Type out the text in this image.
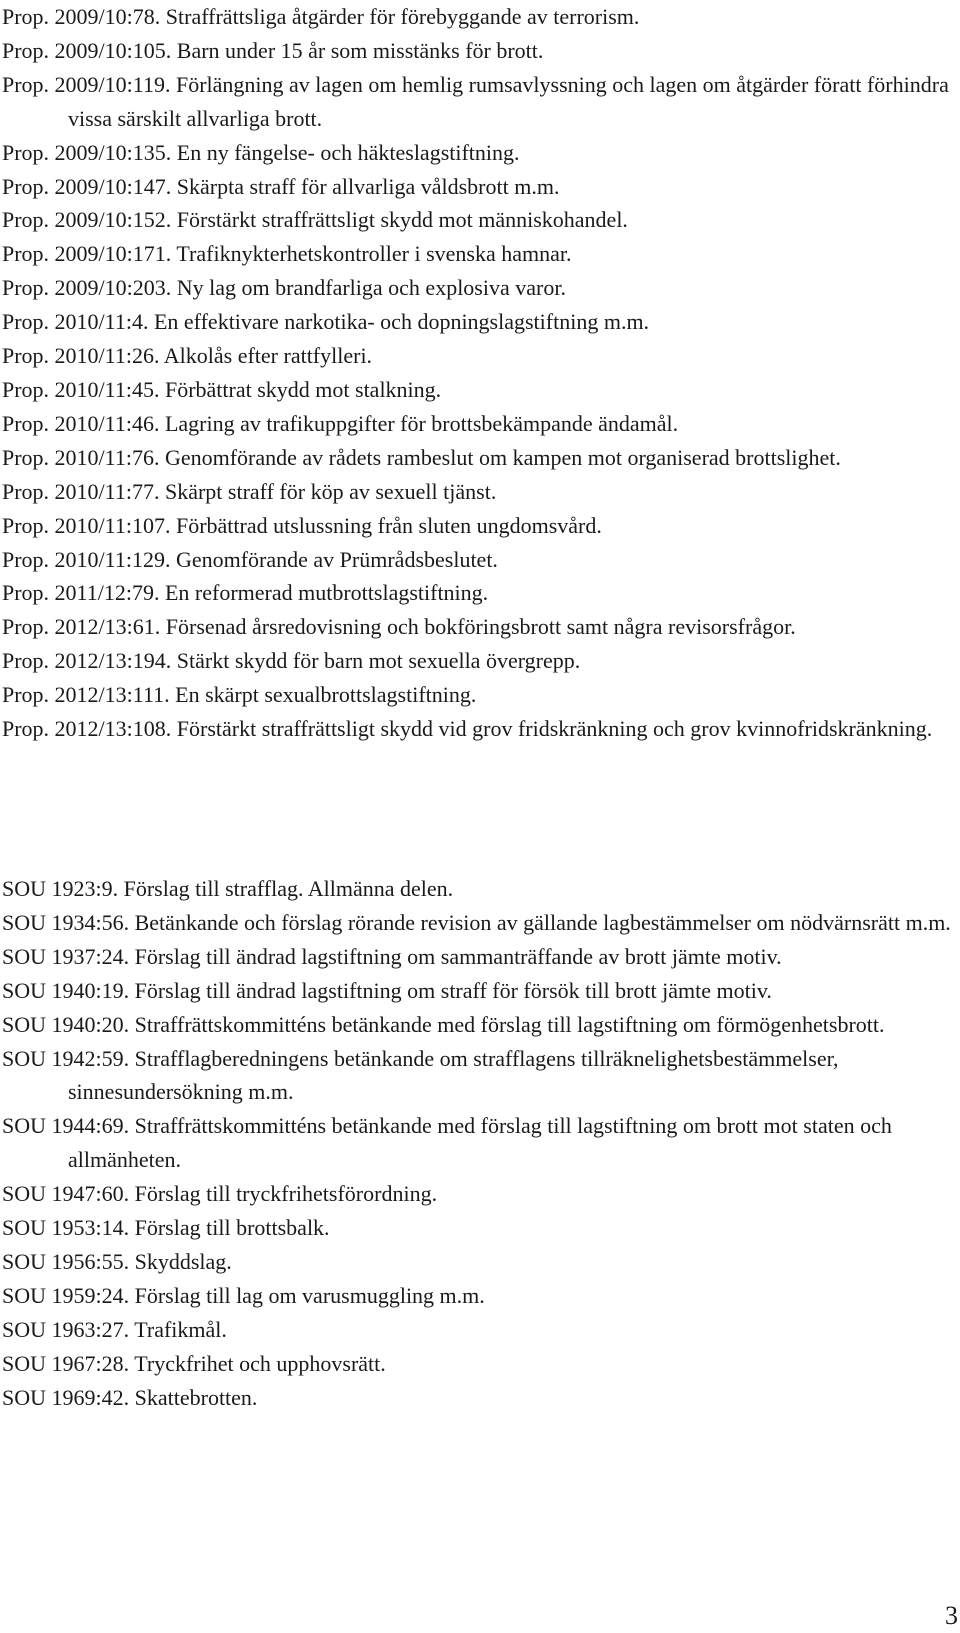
Prop. 2009/10:78. Straffrättsliga åtgärder för förebyggande av terrorism.
Prop. 2009/10:105. Barn under 15 år som misstänks för brott.
Prop. 2009/10:119. Förlängning av lagen om hemlig rumsavlyssning och lagen om åtgärder föratt förhindra vissa särskilt allvarliga brott.
Prop. 2009/10:135. En ny fängelse- och häkteslagstiftning.
Prop. 2009/10:147. Skärpta straff för allvarliga våldsbrott m.m.
Prop. 2009/10:152. Förstärkt straffrättsligt skydd mot människohandel.
Prop. 2009/10:171. Trafiknykterhetskontroller i svenska hamnar.
Prop. 2009/10:203. Ny lag om brandfarliga och explosiva varor.
Prop. 2010/11:4. En effektivare narkotika- och dopningslagstiftning m.m.
Prop. 2010/11:26. Alkolås efter rattfylleri.
Prop. 2010/11:45. Förbättrat skydd mot stalkning.
Prop. 2010/11:46. Lagring av trafikuppgifter för brottsbekämpande ändamål.
Prop. 2010/11:76. Genomförande av rådets rambeslut om kampen mot organiserad brottslighet.
Prop. 2010/11:77. Skärpt straff för köp av sexuell tjänst.
Prop. 2010/11:107. Förbättrad utslussning från sluten ungdomsvård.
Prop. 2010/11:129. Genomförande av Prümrådsbeslutet.
Prop. 2011/12:79. En reformerad mutbrottslagstiftning.
Prop. 2012/13:61. Försenad årsredovisning och bokföringsbrott samt några revisorsfrågor.
Prop. 2012/13:194. Stärkt skydd för barn mot sexuella övergrepp.
Prop. 2012/13:111. En skärpt sexualbrottslagstiftning.
Prop. 2012/13:108. Förstärkt straffrättsligt skydd vid grov fridskränkning och grov kvinnofridskränkning.
SOU 1923:9. Förslag till strafflag. Allmänna delen.
SOU 1934:56. Betänkande och förslag rörande revision av gällande lagbestämmelser om nödvärnsrätt m.m.
SOU 1937:24. Förslag till ändrad lagstiftning om sammanträffande av brott jämte motiv.
SOU 1940:19. Förslag till ändrad lagstiftning om straff för försök till brott jämte motiv.
SOU 1940:20. Straffrättskommitténs betänkande med förslag till lagstiftning om förmögenhetsbrott.
SOU 1942:59. Strafflagberedningens betänkande om strafflagens tillräknelighetsbestämmelser, sinnesundersökning m.m.
SOU 1944:69. Straffrättskommitténs betänkande med förslag till lagstiftning om brott mot staten och allmänheten.
SOU 1947:60. Förslag till tryckfrihetsförordning.
SOU 1953:14. Förslag till brottsbalk.
SOU 1956:55. Skyddslag.
SOU 1959:24. Förslag till lag om varusmuggling m.m.
SOU 1963:27. Trafikmål.
SOU 1967:28. Tryckfrihet och upphovsrätt.
SOU 1969:42. Skattebrotten.
3
